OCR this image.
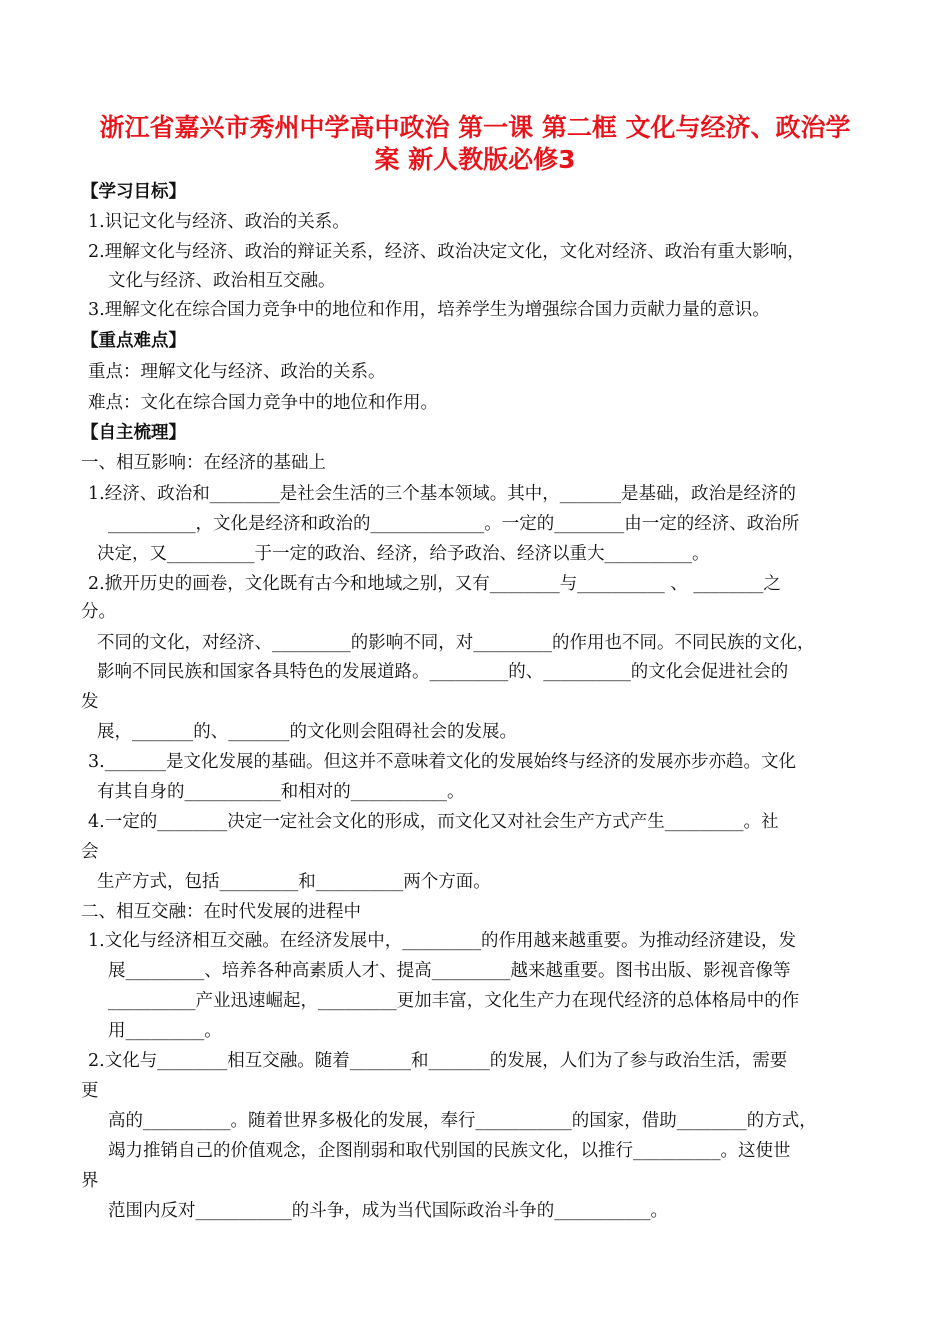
浙江省嘉兴市秀州中学高中政治 第一课 第二框 文化与经济、政治学
案 新人教版必修3
【学习目标】
1.识记文化与经济、政治的关系。
2.理解文化与经济、政治的辩证关系，经济、政治决定文化，文化对经济、政治有重大影响，
文化与经济、政治相互交融。
3.理解文化在综合国力竞争中的地位和作用，培养学生为增强综合国力贡献力量的意识。
【重点难点】
重点：理解文化与经济、政治的关系。
难点：文化在综合国力竞争中的地位和作用。
【自主梳理】
一、相互影响：在经济的基础上
1.经济、政治和________是社会生活的三个基本领域。其中，_______是基础，政治是经济的
__________，文化是经济和政治的_____________。一定的________由一定的经济、政治所
决定，又__________于一定的政治、经济，给予政治、经济以重大__________。
2.掀开历史的画卷，文化既有古今和地域之别，又有________与__________ 、 ________之
分。
不同的文化，对经济、_________的影响不同，对_________的作用也不同。不同民族的文化，
影响不同民族和国家各具特色的发展道路。_________的、__________的文化会促进社会的
发
展，_______的、_______的文化则会阻碍社会的发展。
3._______是文化发展的基础。但这并不意味着文化的发展始终与经济的发展亦步亦趋。文化
有其自身的___________和相对的___________。
4.一定的________决定一定社会文化的形成，而文化又对社会生产方式产生_________。社
会
生产方式，包括_________和__________两个方面。
二、相互交融：在时代发展的进程中
1.文化与经济相互交融。在经济发展中，_________的作用越来越重要。为推动经济建设，发
展_________、培养各种高素质人才、提高_________越来越重要。图书出版、影视音像等
__________产业迅速崛起，_________更加丰富，文化生产力在现代经济的总体格局中的作
用_________。
2.文化与________相互交融。随着_______和_______的发展，人们为了参与政治生活，需要
更
高的__________。随着世界多极化的发展，奉行___________的国家，借助________的方式，
竭力推销自己的价值观念，企图削弱和取代别国的民族文化，以推行__________。这使世
界
范围内反对___________的斗争，成为当代国际政治斗争的___________。
